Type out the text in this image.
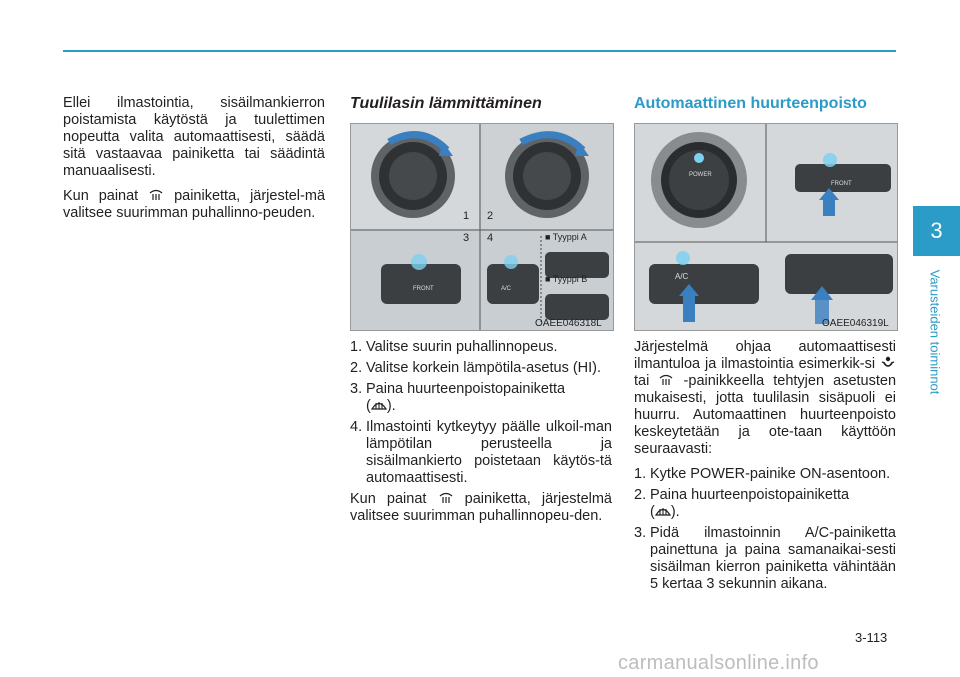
3
Varusteiden toiminnot

Ellei ilmastointia, sisäilmankierron poistamista käytöstä ja tuulettimen nopeutta valita automaattisesti, säädä sitä vastaavaa painiketta tai säädintä manuaalisesti.

Kun painat painiketta, järjestel-mä valitsee suurimman puhallinno-peuden.

Tuulilasin lämmittäminen
1 2
3 4	■ Tyyppi A
■ Tyyppi B
FRONT	A/C
OAEE046318L
1. Valitse suurin puhallinnopeus.
2. Valitse korkein lämpötila-asetus (HI).
3. Paina huurteenpoistopainiketta
( ).
4. Ilmastointi kytkeytyy päälle ulkoil-man lämpötilan perusteella ja sisäilmankierto poistetaan käytös-tä automaattisesti.

Kun painat	painiketta, järjestelmä valitsee suurimman puhallinnopeu-den.

Automaattinen huurteenpoisto
POWER
FRONT
A/C
OAEE046319L

Järjestelmä ohjaa automaattisesti ilmantuloa ja ilmastointia esimerkik-si  tai -painikkeella tehtyjen asetusten mukaisesti, jotta tuulilasin sisäpuoli ei huurru. Automaattinen huurteenpoisto keskeytetään ja ote-taan käyttöön seuraavasti:

1. Kytke POWER-painike ON-asentoon.
2. Paina huurteenpoistopainiketta
( ).
3. Pidä ilmastoinnin A/C-painiketta painettuna ja paina samanaikai-sesti sisäilman kierron painiketta vähintään 5 kertaa 3 sekunnin aikana.
3-113
carmanualsonline.info
